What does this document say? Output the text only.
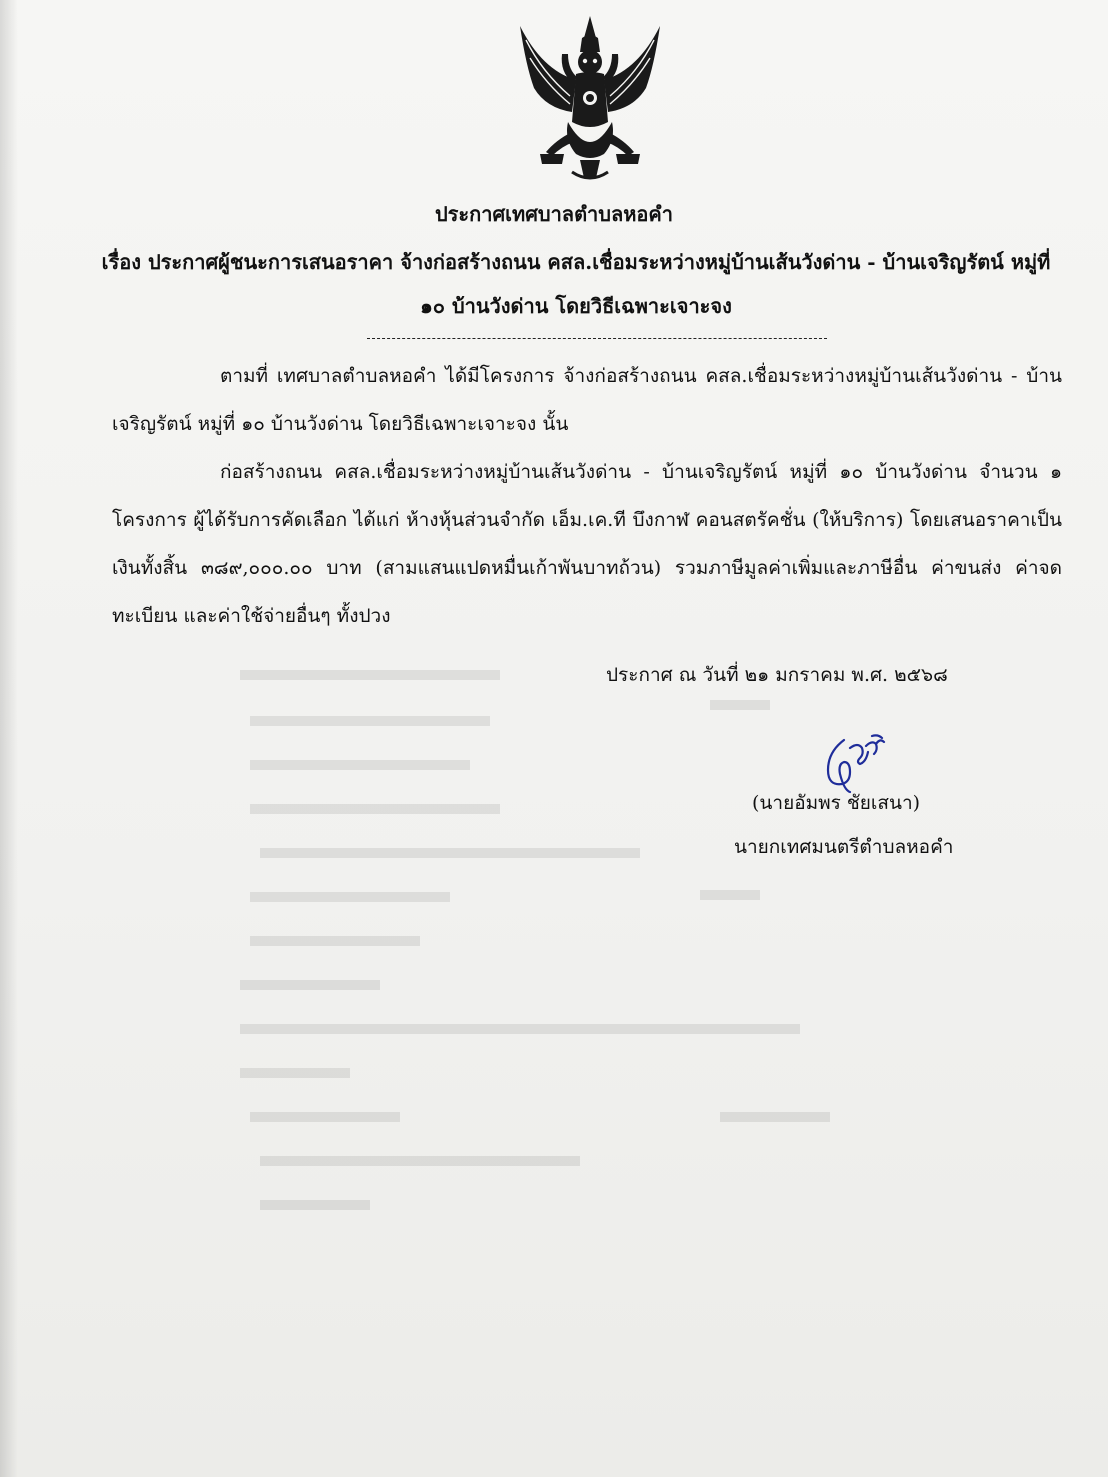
ประกาศเทศบาลตำบลหอคำ
เรื่อง ประกาศผู้ชนะการเสนอราคา จ้างก่อสร้างถนน คสล.เชื่อมระหว่างหมู่บ้านเส้นวังด่าน - บ้านเจริญรัตน์ หมู่ที่ ๑๐ บ้านวังด่าน โดยวิธีเฉพาะเจาะจง
ตามที่ เทศบาลตำบลหอคำ ได้มีโครงการ จ้างก่อสร้างถนน คสล.เชื่อมระหว่างหมู่บ้านเส้นวังด่าน - บ้านเจริญรัตน์ หมู่ที่ ๑๐ บ้านวังด่าน โดยวิธีเฉพาะเจาะจง นั้น
ก่อสร้างถนน คสล.เชื่อมระหว่างหมู่บ้านเส้นวังด่าน - บ้านเจริญรัตน์ หมู่ที่ ๑๐ บ้านวังด่าน จำนวน ๑ โครงการ ผู้ได้รับการคัดเลือก ได้แก่ ห้างหุ้นส่วนจำกัด เอ็ม.เค.ที บึงกาฬ คอนสตรัคชั่น (ให้บริการ) โดยเสนอราคาเป็นเงินทั้งสิ้น ๓๘๙,๐๐๐.๐๐ บาท (สามแสนแปดหมื่นเก้าพันบาทถ้วน) รวมภาษีมูลค่าเพิ่มและภาษีอื่น ค่าขนส่ง ค่าจดทะเบียน และค่าใช้จ่ายอื่นๆ ทั้งปวง
ประกาศ ณ วันที่ ๒๑ มกราคม พ.ศ. ๒๕๖๘
(นายอัมพร ชัยเสนา)
นายกเทศมนตรีตำบลหอคำ
